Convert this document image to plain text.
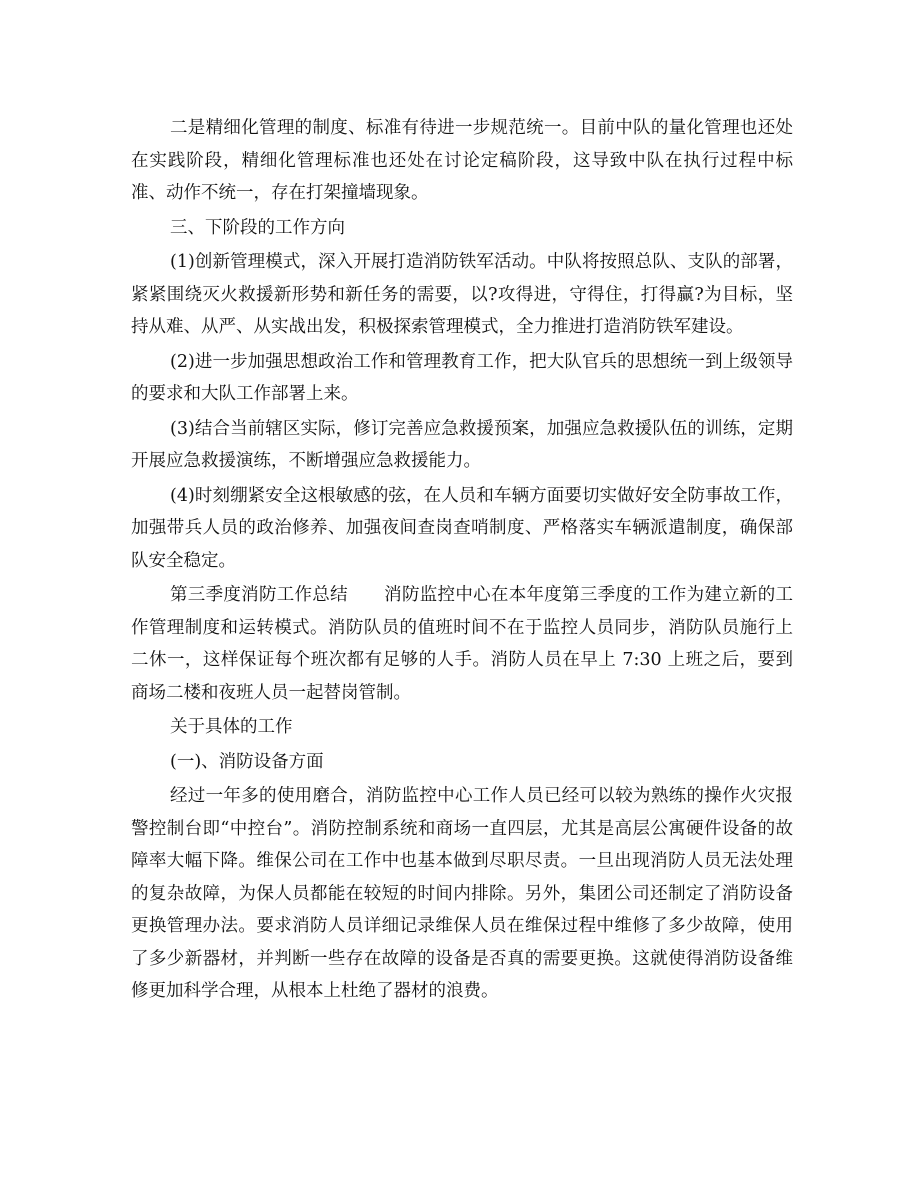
二是精细化管理的制度、标准有待进一步规范统一。目前中队的量化管理也还处在实践阶段，精细化管理标准也还处在讨论定稿阶段，这导致中队在执行过程中标准、动作不统一，存在打架撞墙现象。

三、下阶段的工作方向

(1)创新管理模式，深入开展打造消防铁军活动。中队将按照总队、支队的部署，紧紧围绕灭火救援新形势和新任务的需要，以?攻得进，守得住，打得赢?为目标，坚持从难、从严、从实战出发，积极探索管理模式，全力推进打造消防铁军建设。

(2)进一步加强思想政治工作和管理教育工作，把大队官兵的思想统一到上级领导的要求和大队工作部署上来。

(3)结合当前辖区实际，修订完善应急救援预案，加强应急救援队伍的训练，定期开展应急救援演练，不断增强应急救援能力。

(4)时刻绷紧安全这根敏感的弦，在人员和车辆方面要切实做好安全防事故工作，加强带兵人员的政治修养、加强夜间查岗查哨制度、严格落实车辆派遣制度，确保部队安全稳定。

第三季度消防工作总结 消防监控中心在本年度第三季度的工作为建立新的工作管理制度和运转模式。消防队员的值班时间不在于监控人员同步，消防队员施行上二休一，这样保证每个班次都有足够的人手。消防人员在早上 7:30 上班之后，要到商场二楼和夜班人员一起替岗管制。

关于具体的工作

(一)、消防设备方面

经过一年多的使用磨合，消防监控中心工作人员已经可以较为熟练的操作火灾报警控制台即“中控台”。消防控制系统和商场一直四层，尤其是高层公寓硬件设备的故障率大幅下降。维保公司在工作中也基本做到尽职尽责。一旦出现消防人员无法处理的复杂故障，为保人员都能在较短的时间内排除。另外，集团公司还制定了消防设备更换管理办法。要求消防人员详细记录维保人员在维保过程中维修了多少故障，使用了多少新器材，并判断一些存在故障的设备是否真的需要更换。这就使得消防设备维修更加科学合理，从根本上杜绝了器材的浪费。
